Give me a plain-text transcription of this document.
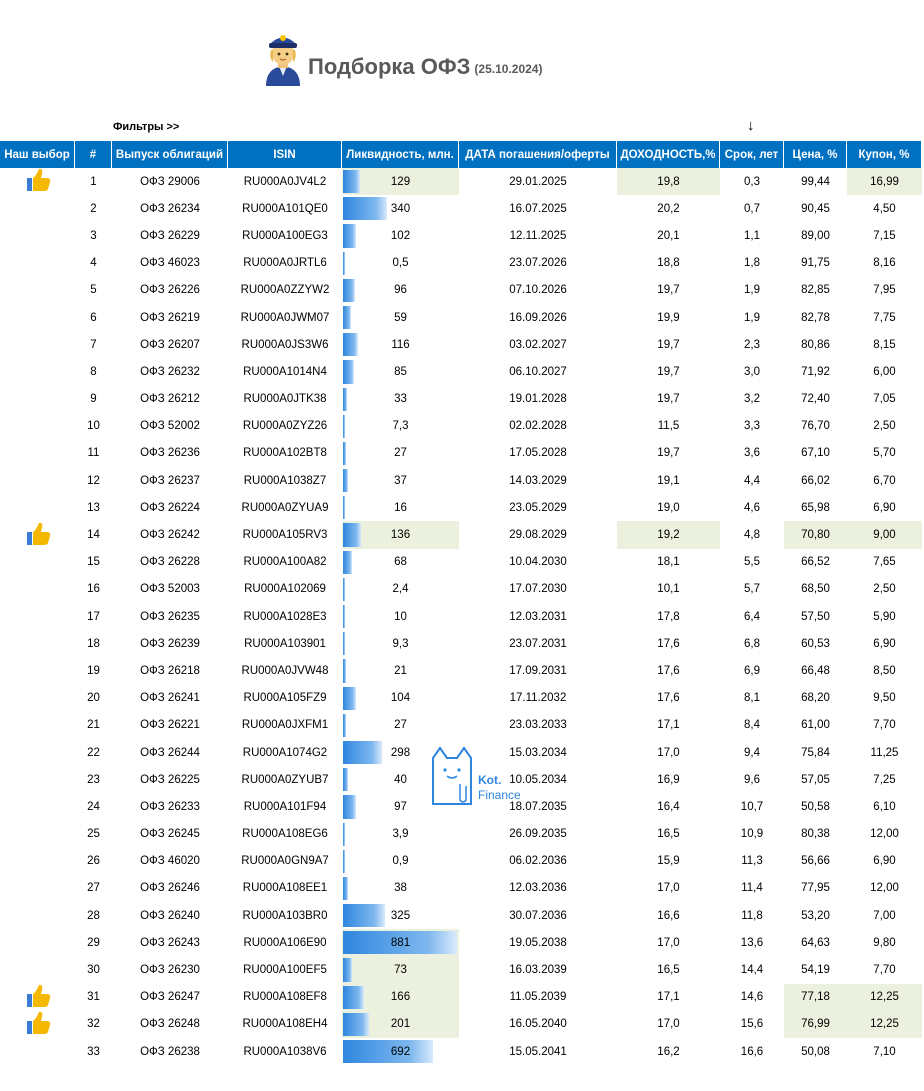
Подборка ОФЗ (25.10.2024)
Фильтры >>	↓
Наш выбор	#	Выпуск облигаций	ISIN	Ликвидность, млн.	ДАТА погашения/оферты	ДОХОДНОСТЬ,%	Срок, лет	Цена, %	Купон, %
	1	ОФЗ 29006	RU000A0JV4L2	129	29.01.2025	19,8	0,3	99,44	16,99
	2	ОФЗ 26234	RU000A101QE0	340	16.07.2025	20,2	0,7	90,45	4,50
	3	ОФЗ 26229	RU000A100EG3	102	12.11.2025	20,1	1,1	89,00	7,15
	4	ОФЗ 46023	RU000A0JRTL6	0,5	23.07.2026	18,8	1,8	91,75	8,16
	5	ОФЗ 26226	RU000A0ZZYW2	96	07.10.2026	19,7	1,9	82,85	7,95
	6	ОФЗ 26219	RU000A0JWM07	59	16.09.2026	19,9	1,9	82,78	7,75
	7	ОФЗ 26207	RU000A0JS3W6	116	03.02.2027	19,7	2,3	80,86	8,15
	8	ОФЗ 26232	RU000A1014N4	85	06.10.2027	19,7	3,0	71,92	6,00
	9	ОФЗ 26212	RU000A0JTK38	33	19.01.2028	19,7	3,2	72,40	7,05
	10	ОФЗ 52002	RU000A0ZYZ26	7,3	02.02.2028	11,5	3,3	76,70	2,50
	11	ОФЗ 26236	RU000A102BT8	27	17.05.2028	19,7	3,6	67,10	5,70
	12	ОФЗ 26237	RU000A1038Z7	37	14.03.2029	19,1	4,4	66,02	6,70
	13	ОФЗ 26224	RU000A0ZYUA9	16	23.05.2029	19,0	4,6	65,98	6,90
	14	ОФЗ 26242	RU000A105RV3	136	29.08.2029	19,2	4,8	70,80	9,00
	15	ОФЗ 26228	RU000A100A82	68	10.04.2030	18,1	5,5	66,52	7,65
	16	ОФЗ 52003	RU000A102069	2,4	17.07.2030	10,1	5,7	68,50	2,50
	17	ОФЗ 26235	RU000A1028E3	10	12.03.2031	17,8	6,4	57,50	5,90
	18	ОФЗ 26239	RU000A103901	9,3	23.07.2031	17,6	6,8	60,53	6,90
	19	ОФЗ 26218	RU000A0JVW48	21	17.09.2031	17,6	6,9	66,48	8,50
	20	ОФЗ 26241	RU000A105FZ9	104	17.11.2032	17,6	8,1	68,20	9,50
	21	ОФЗ 26221	RU000A0JXFM1	27	23.03.2033	17,1	8,4	61,00	7,70
	22	ОФЗ 26244	RU000A1074G2	298	15.03.2034	17,0	9,4	75,84	11,25
	23	ОФЗ 26225	RU000A0ZYUB7	40	10.05.2034	16,9	9,6	57,05	7,25
	24	ОФЗ 26233	RU000A101F94	97	18.07.2035	16,4	10,7	50,58	6,10
	25	ОФЗ 26245	RU000A108EG6	3,9	26.09.2035	16,5	10,9	80,38	12,00
	26	ОФЗ 46020	RU000A0GN9A7	0,9	06.02.2036	15,9	11,3	56,66	6,90
	27	ОФЗ 26246	RU000A108EE1	38	12.03.2036	17,0	11,4	77,95	12,00
	28	ОФЗ 26240	RU000A103BR0	325	30.07.2036	16,6	11,8	53,20	7,00
	29	ОФЗ 26243	RU000A106E90	881	19.05.2038	17,0	13,6	64,63	9,80
	30	ОФЗ 26230	RU000A100EF5	73	16.03.2039	16,5	14,4	54,19	7,70
	31	ОФЗ 26247	RU000A108EF8	166	11.05.2039	17,1	14,6	77,18	12,25
	32	ОФЗ 26248	RU000A108EH4	201	16.05.2040	17,0	15,6	76,99	12,25
	33	ОФЗ 26238	RU000A1038V6	692	15.05.2041	16,2	16,6	50,08	7,10
Kot.
Finance
